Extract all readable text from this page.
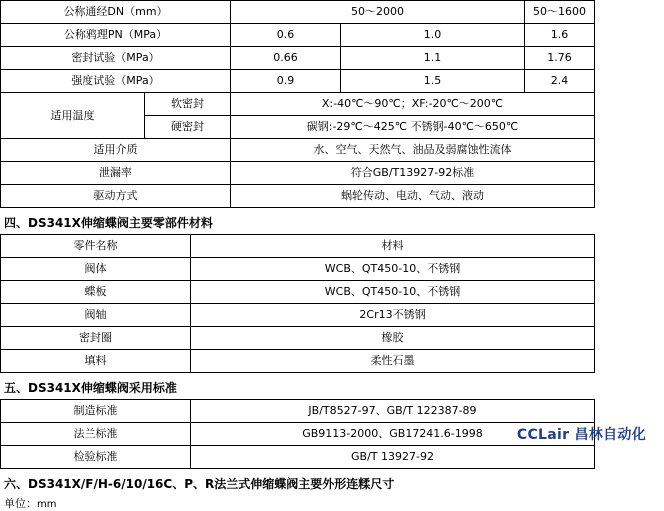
公称通经DN（mm）		50～2000		50～1600
公称鸦理PN（MPa）		0.6	1.0	1.6
密封试验（MPa）		0.66	1.1	1.76
强度试验（MPa）		0.9	1.5	2.4
适用温度	软密封	X:-40℃～90℃；XF:-20℃～200℃		
	硬密封	碳钢:-29℃～425℃ 不锈钢-40℃～650℃		
适用介质		水、空气、天然气、油品及弱腐蚀性流体		
泄漏率		符合GB/T13927-92标准		
驱动方式		蜗轮传动、电动、气动、液动		
四、DS341X伸缩蝶阀主要零部件材料
零件名称	材料
阀体	WCB、QT450-10、不锈钢
蝶板	WCB、QT450-10、不锈钢
阀轴	2Cr13不锈钢
密封圈	橡胶
填料	柔性石墨
五、DS341X伸缩蝶阀采用标准
制造标准	JB/T8527-97、GB/T 122387-89
法兰标准	GB9113-2000、GB17241.6-1998
检验标准	GB/T 13927-92
六、DS341X/F/H-6/10/16C、P、R法兰式伸缩蝶阀主要外形连糅尺寸
单位：mm
CCLair 昌林自动化
